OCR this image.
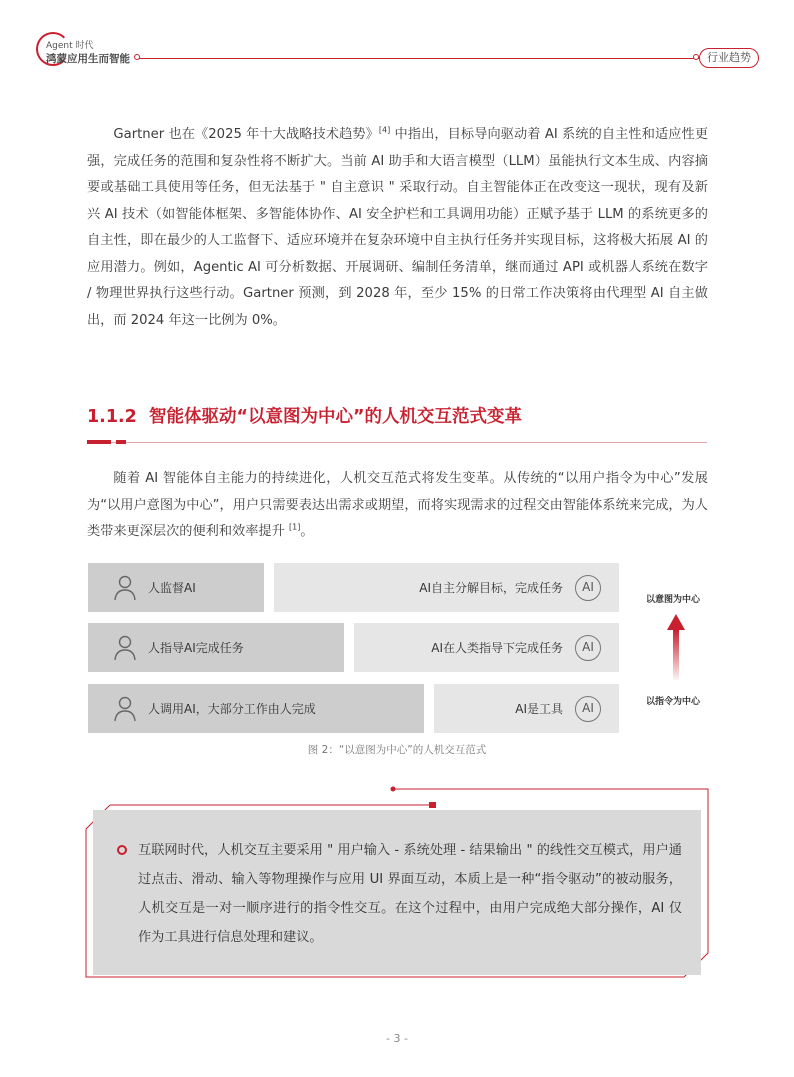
Agent 时代
鸿蒙应用生而智能	行业趋势

Gartner 也在《2025 年十大战略技术趋势》[4] 中指出，目标导向驱动着 AI 系统的自主性和适应性更强，完成任务的范围和复杂性将不断扩大。当前 AI 助手和大语言模型（LLM）虽能执行文本生成、内容摘要或基础工具使用等任务，但无法基于 " 自主意识 " 采取行动。自主智能体正在改变这一现状，现有及新兴 AI 技术（如智能体框架、多智能体协作、AI 安全护栏和工具调用功能）正赋予基于 LLM 的系统更多的自主性，即在最少的人工监督下、适应环境并在复杂环境中自主执行任务并实现目标，这将极大拓展 AI 的应用潜力。例如，Agentic AI 可分析数据、开展调研、编制任务清单，继而通过 API 或机器人系统在数字 / 物理世界执行这些行动。Gartner 预测，到 2028 年，至少 15% 的日常工作决策将由代理型 AI 自主做出，而 2024 年这一比例为 0%。

1.1.2 智能体驱动“以意图为中心”的人机交互范式变革

随着 AI 智能体自主能力的持续进化，人机交互范式将发生变革。从传统的“以用户指令为中心”发展为“以用户意图为中心”，用户只需要表达出需求或期望，而将实现需求的过程交由智能体系统来完成，为人类带来更深层次的便利和效率提升 [1]。

人监督AI	AI自主分解目标，完成任务	AI
人指导AI完成任务	AI在人类指导下完成任务	AI
人调用AI，大部分工作由人完成	AI是工具	AI
以意图为中心
以指令为中心
图 2：“以意图为中心”的人机交互范式

互联网时代，人机交互主要采用 " 用户输入 - 系统处理 - 结果输出 " 的线性交互模式，用户通过点击、滑动、输入等物理操作与应用 UI 界面互动，本质上是一种“指令驱动”的被动服务，人机交互是一对一顺序进行的指令性交互。在这个过程中，由用户完成绝大部分操作，AI 仅作为工具进行信息处理和建议。

- 3 -
